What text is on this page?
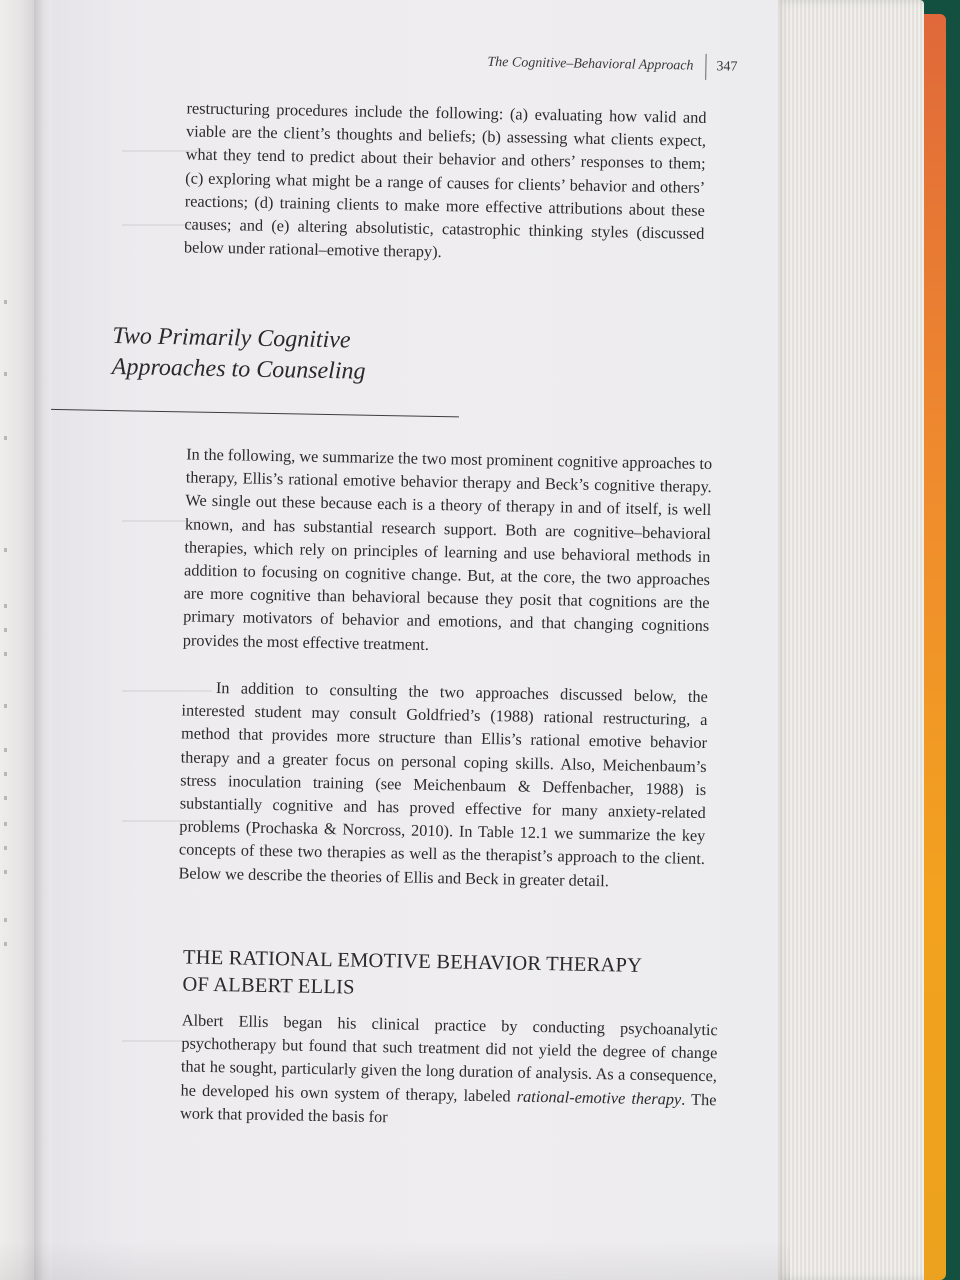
The Cognitive–Behavioral Approach 347
restructuring procedures include the following: (a) evaluating how valid and viable are the client’s thoughts and beliefs; (b) assessing what clients expect, what they tend to predict about their behavior and others’ responses to them; (c) exploring what might be a range of causes for clients’ behavior and others’ reactions; (d) training clients to make more effective attributions about these causes; and (e) altering absolutistic, catastrophic thinking styles (discussed below under rational–emotive therapy).
Two Primarily Cognitive
Approaches to Counseling
In the following, we summarize the two most prominent cognitive approaches to therapy, Ellis’s rational emotive behavior therapy and Beck’s cognitive therapy. We single out these because each is a theory of therapy in and of itself, is well known, and has substantial research support. Both are cognitive–behavioral therapies, which rely on principles of learning and use behavioral methods in addition to focusing on cognitive change. But, at the core, the two approaches are more cognitive than behavioral because they posit that cognitions are the primary motivators of behavior and emotions, and that changing cognitions provides the most effective treatment.
In addition to consulting the two approaches discussed below, the interested student may consult Goldfried’s (1988) rational restructuring, a method that provides more structure than Ellis’s rational emotive behavior therapy and a greater focus on personal coping skills. Also, Meichenbaum’s stress inoculation training (see Meichenbaum & Deffenbacher, 1988) is substantially cognitive and has proved effective for many anxiety-related problems (Prochaska & Norcross, 2010). In Table 12.1 we summarize the key concepts of these two therapies as well as the therapist’s approach to the client. Below we describe the theories of Ellis and Beck in greater detail.
THE RATIONAL EMOTIVE BEHAVIOR THERAPY
OF ALBERT ELLIS
Albert Ellis began his clinical practice by conducting psychoanalytic psychotherapy but found that such treatment did not yield the degree of change that he sought, particularly given the long duration of analysis. As a consequence, he developed his own system of therapy, labeled rational-emotive therapy. The work that provided the basis for
